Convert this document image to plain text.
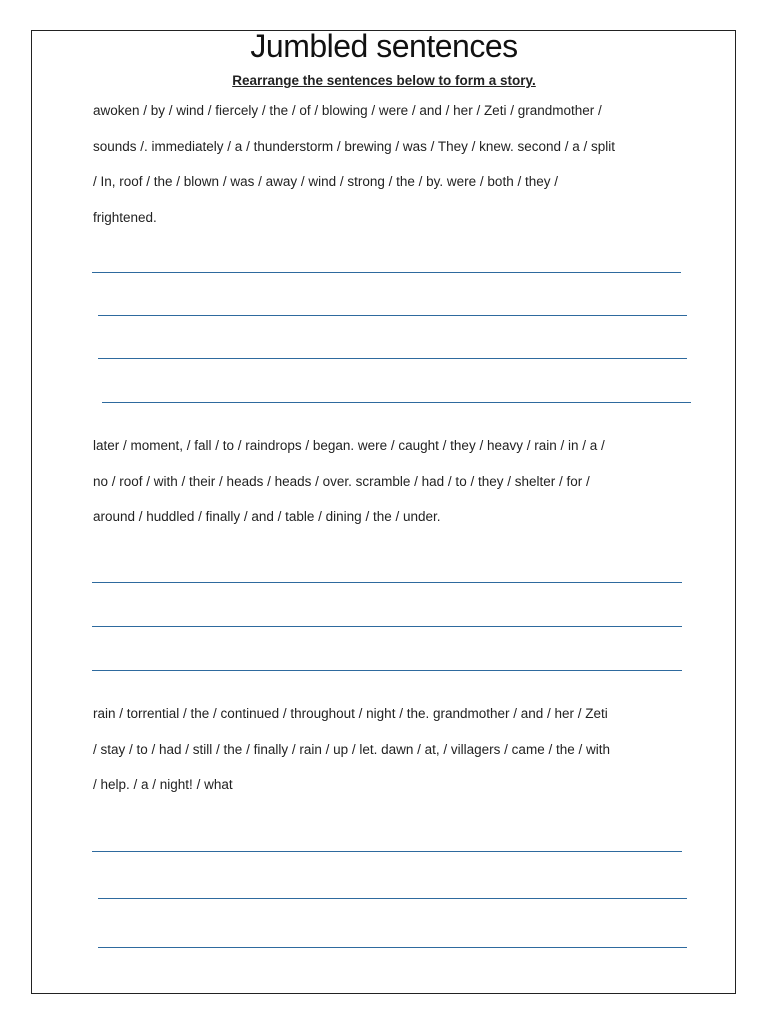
Jumbled sentences
Rearrange the sentences below to form a story.
awoken / by / wind / fiercely / the / of / blowing / were / and / her / Zeti / grandmother /
sounds /. immediately / a / thunderstorm / brewing / was / They / knew. second / a / split
/ In, roof / the / blown / was / away / wind / strong / the / by. were / both / they /
frightened.
later / moment, / fall / to / raindrops / began. were / caught / they / heavy / rain / in / a /
no / roof / with / their / heads / heads / over. scramble / had / to / they / shelter / for /
around / huddled / finally / and / table / dining / the / under.
rain / torrential / the / continued / throughout / night / the. grandmother / and / her / Zeti
/ stay / to / had / still / the / finally / rain / up / let. dawn / at, / villagers / came / the / with
/ help. / a / night! / what
